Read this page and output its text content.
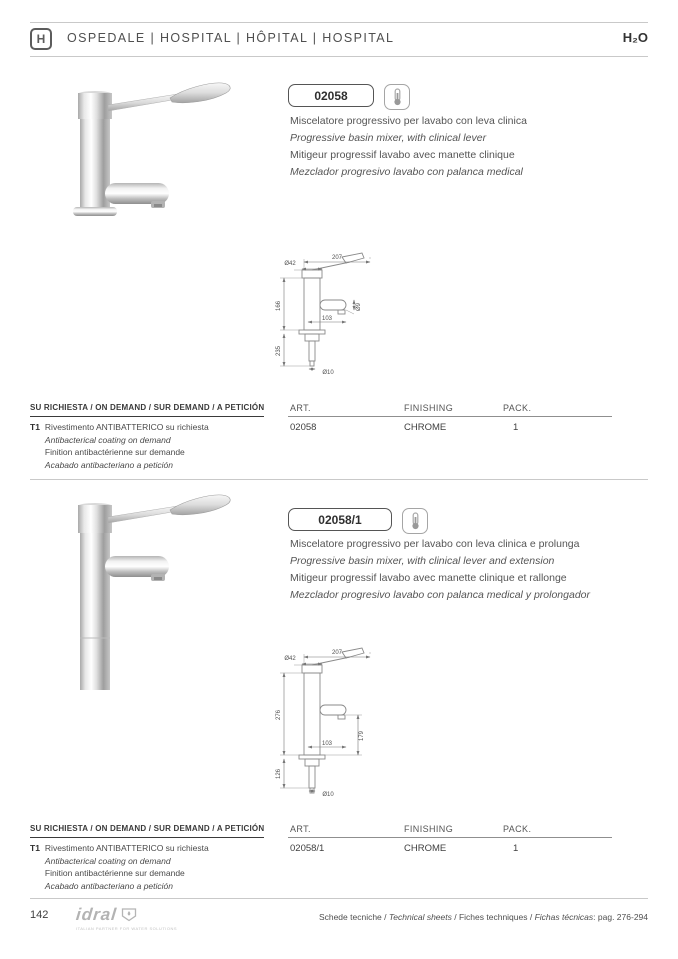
H OSPEDALE | HOSPITAL | HÔPITAL | HOSPITAL	H₂O
02058
Miscelatore progressivo per lavabo con leva clinica
Progressive basin mixer, with clinical lever
Mitigeur progressif lavabo avec manette clinique
Mezclador progresivo lavabo con palanca medical
207
Ø42
166
103
Ø9
235
Ø10
SU RICHIESTA / ON DEMAND / SUR DEMAND / A PETICIÓN
T1 Rivestimento ANTIBATTERICO su richiesta
Antibacterical coating on demand
Finition antibactérienne sur demande
Acabado antibacteriano a petición
ART.	FINISHING	PACK.
02058	CHROME	1
02058/1
Miscelatore progressivo per lavabo con leva clinica e prolunga
Progressive basin mixer, with clinical lever and extension
Mitigeur progressif lavabo avec manette clinique et rallonge
Mezclador progresivo lavabo con palanca medical y prolongador
207
Ø42
276
103
179
126
Ø10
SU RICHIESTA / ON DEMAND / SUR DEMAND / A PETICIÓN
T1 Rivestimento ANTIBATTERICO su richiesta
Antibacterical coating on demand
Finition antibactérienne sur demande
Acabado antibacteriano a petición
ART.	FINISHING	PACK.
02058/1	CHROME	1
142 idral
ITALIAN PARTNER FOR WATER SOLUTIONS
Schede tecniche / Technical sheets / Fiches techniques / Fichas técnicas: pag. 276-294
